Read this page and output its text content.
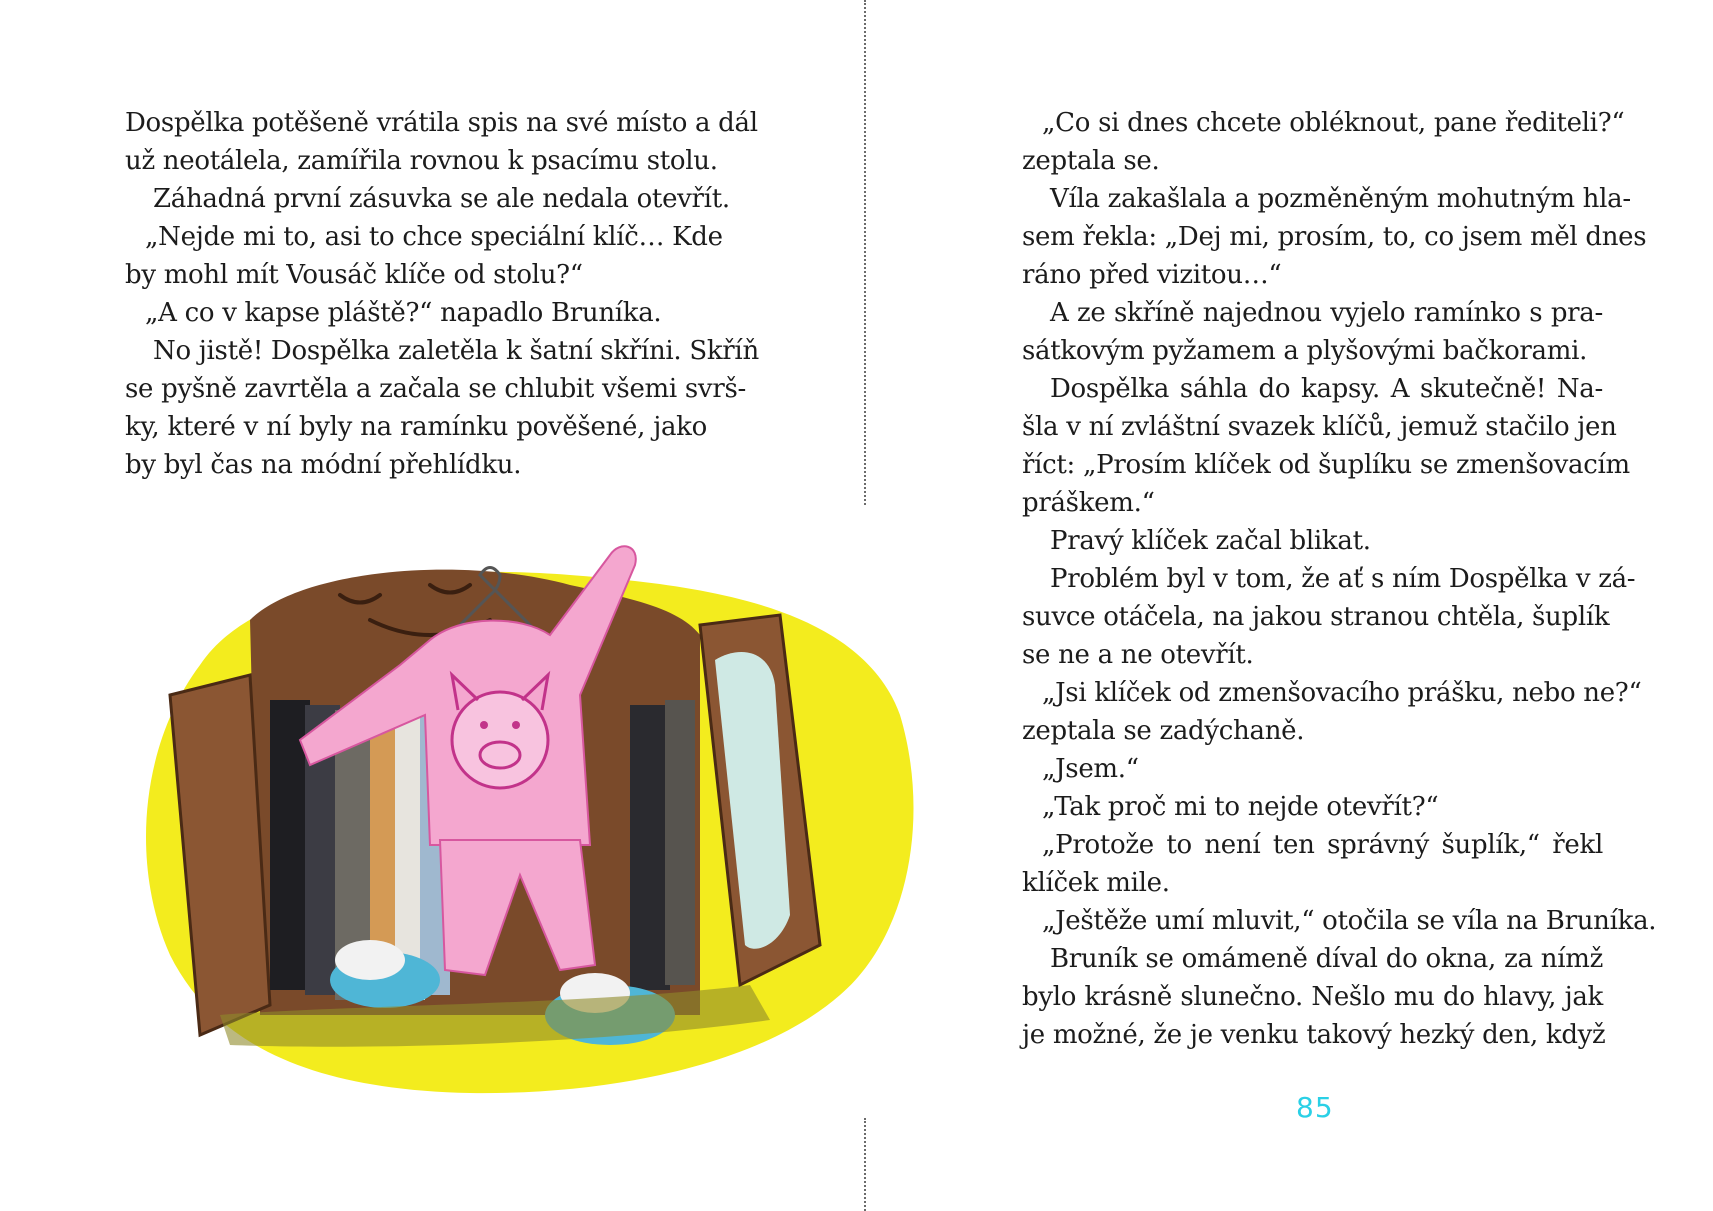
Dospělka potěšeně vrátila spis na své místo a dál
už neotálela, zamířila rovnou k psacímu stolu.
Záhadná první zásuvka se ale nedala otevřít.
„Nejde mi to, asi to chce speciální klíč… Kde
by mohl mít Vousáč klíče od stolu?“
„A co v kapse pláště?“ napadlo Bruníka.
No jistě! Dospělka zaletěla k šatní skříni. Skříň
se pyšně zavrtěla a začala se chlubit všemi svrš-
ky, které v ní byly na ramínku pověšené, jako
by byl čas na módní přehlídku.
„Co si dnes chcete obléknout, pane řediteli?“
zeptala se.
Víla zakašlala a pozměněným mohutným hla-
sem řekla: „Dej mi, prosím, to, co jsem měl dnes
ráno před vizitou…“
A ze skříně najednou vyjelo ramínko s pra-
sátkovým pyžamem a plyšovými bačkorami.
Dospělka sáhla do kapsy. A skutečně! Na-
šla v ní zvláštní svazek klíčů, jemuž stačilo jen
říct: „Prosím klíček od šuplíku se zmenšovacím
práškem.“
Pravý klíček začal blikat.
Problém byl v tom, že ať s ním Dospělka v zá-
suvce otáčela, na jakou stranou chtěla, šuplík
se ne a ne otevřít.
„Jsi klíček od zmenšovacího prášku, nebo ne?“
zeptala se zadýchaně.
„Jsem.“
„Tak proč mi to nejde otevřít?“
„Protože to není ten správný šuplík,“ řekl
klíček mile.
„Ještěže umí mluvit,“ otočila se víla na Bruníka.
Bruník se omámeně díval do okna, za nímž
bylo krásně slunečno. Nešlo mu do hlavy, jak
je možné, že je venku takový hezký den, když
85
